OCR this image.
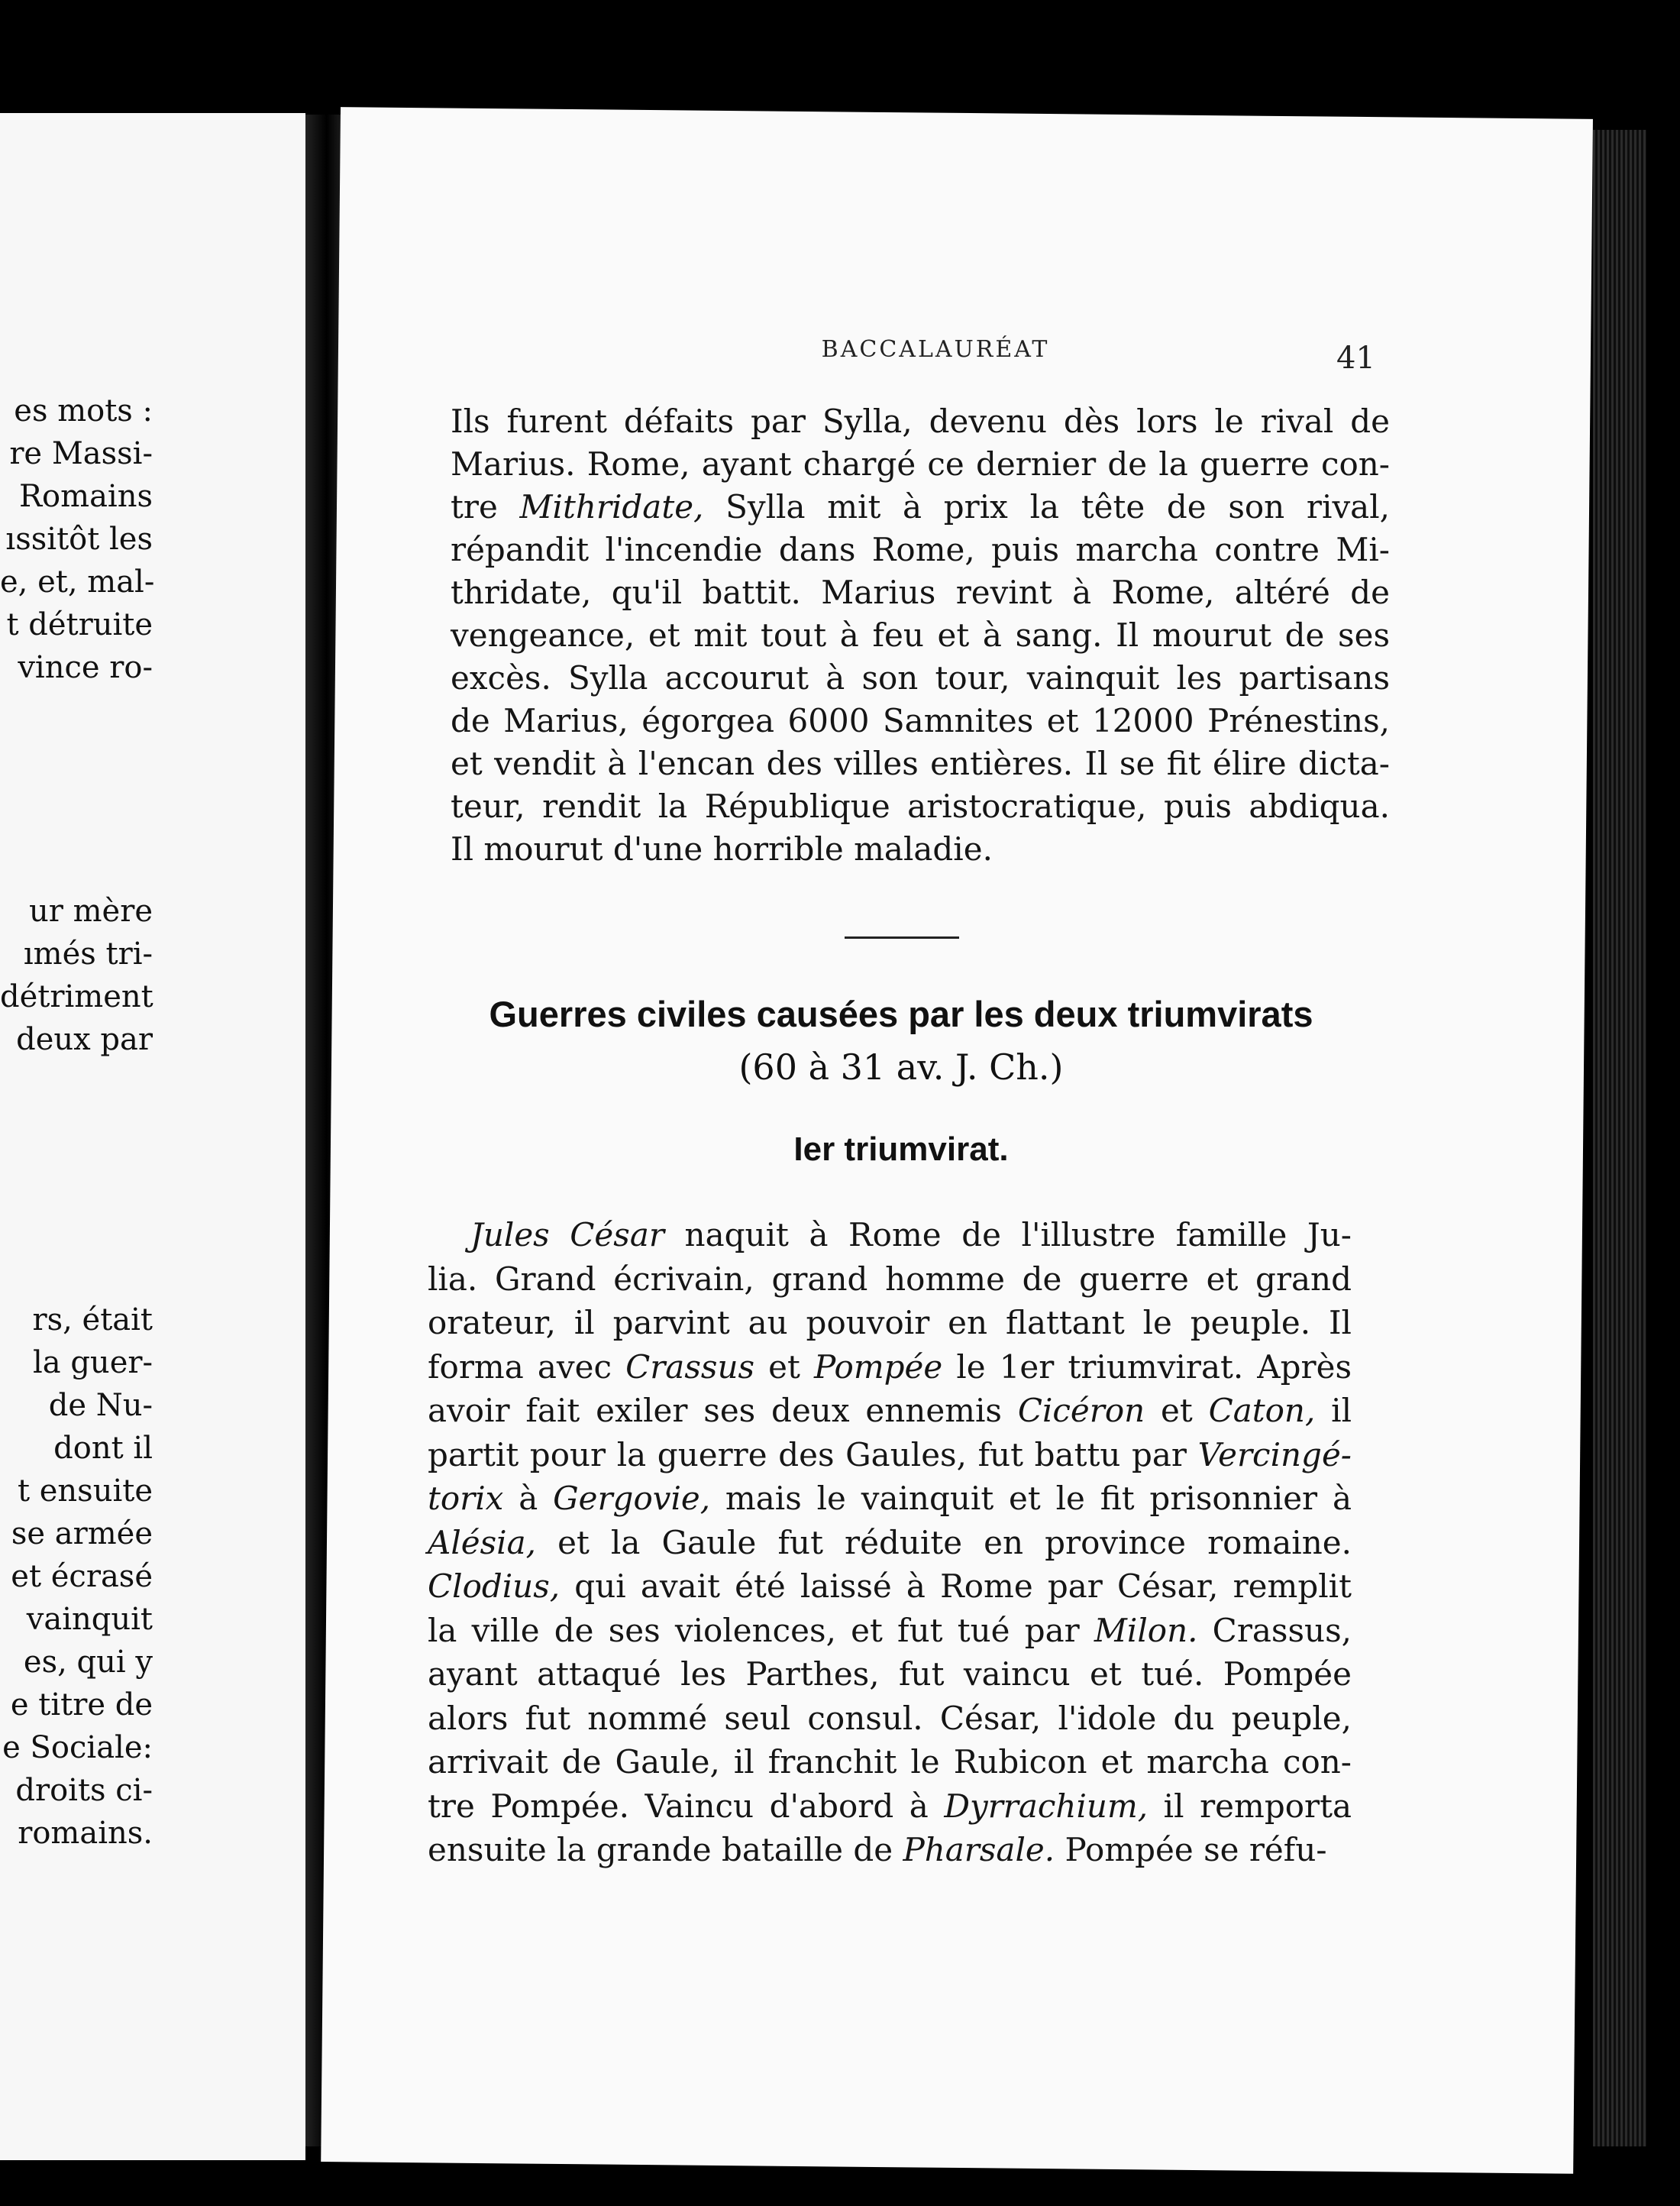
es mots :
re Massi-
Romains
ıssitôt les
e, et, mal-
t détruite
vince ro-
ur mère
ımés tri-
détriment
deux par
rs, était
la guer-
de Nu-
dont il
t ensuite
se armée
et écrasé
vainquit
es, qui y
e titre de
e Sociale:
droits ci-
romains.
BACCALAURÉAT	41

Ils furent défaits par Sylla, devenu dès lors le rival de

Marius. Rome, ayant chargé ce dernier de la guerre con-

tre Mithridate, Sylla mit à prix la tête de son rival,

répandit l'incendie dans Rome, puis marcha contre Mi-

thridate, qu'il battit. Marius revint à Rome, altéré de

vengeance, et mit tout à feu et à sang. Il mourut de ses

excès. Sylla accourut à son tour, vainquit les partisans

de Marius, égorgea 6000 Samnites et 12000 Prénestins,

et vendit à l'encan des villes entières. Il se fit élire dicta-

teur, rendit la République aristocratique, puis abdiqua.

Il mourut d'une horrible maladie.

Guerres civiles causées par les deux triumvirats
(60 à 31 av. J. Ch.)
Ier triumvirat.

Jules César naquit à Rome de l'illustre famille Ju-

lia. Grand écrivain, grand homme de guerre et grand

orateur, il parvint au pouvoir en flattant le peuple. Il

forma avec Crassus et Pompée le 1er triumvirat. Après

avoir fait exiler ses deux ennemis Cicéron et Caton, il

partit pour la guerre des Gaules, fut battu par Vercingé-

torix à Gergovie, mais le vainquit et le fit prisonnier à

Alésia, et la Gaule fut réduite en province romaine.

Clodius, qui avait été laissé à Rome par César, remplit

la ville de ses violences, et fut tué par Milon. Crassus,

ayant attaqué les Parthes, fut vaincu et tué. Pompée

alors fut nommé seul consul. César, l'idole du peuple,

arrivait de Gaule, il franchit le Rubicon et marcha con-

tre Pompée. Vaincu d'abord à Dyrrachium, il remporta

ensuite la grande bataille de Pharsale. Pompée se réfu-
